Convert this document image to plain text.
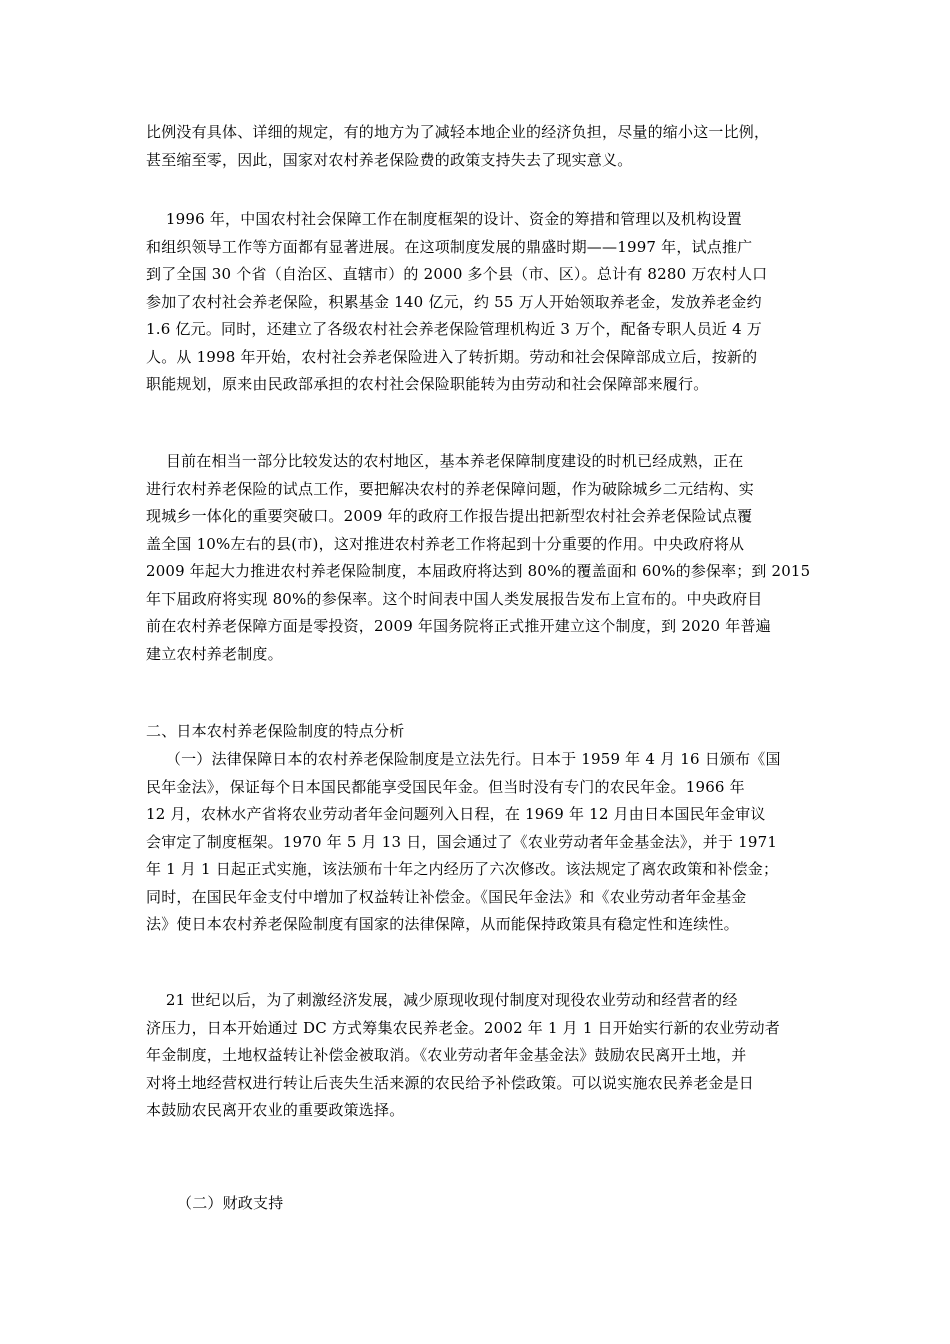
比例没有具体、详细的规定，有的地方为了减轻本地企业的经济负担，尽量的缩小这一比例，
甚至缩至零，因此，国家对农村养老保险费的政策支持失去了现实意义。
1996 年，中国农村社会保障工作在制度框架的设计、资金的筹措和管理以及机构设置
和组织领导工作等方面都有显著进展。在这项制度发展的鼎盛时期——1997 年，试点推广
到了全国 30 个省（自治区、直辖市）的 2000 多个县（市、区）。总计有 8280 万农村人口
参加了农村社会养老保险，积累基金 140 亿元，约 55 万人开始领取养老金，发放养老金约
1.6 亿元。同时，还建立了各级农村社会养老保险管理机构近 3 万个，配备专职人员近 4 万
人。从 1998 年开始，农村社会养老保险进入了转折期。劳动和社会保障部成立后，按新的
职能规划，原来由民政部承担的农村社会保险职能转为由劳动和社会保障部来履行。
目前在相当一部分比较发达的农村地区，基本养老保障制度建设的时机已经成熟，正在
进行农村养老保险的试点工作，要把解决农村的养老保障问题，作为破除城乡二元结构、实
现城乡一体化的重要突破口。2009 年的政府工作报告提出把新型农村社会养老保险试点覆
盖全国 10%左右的县(市)，这对推进农村养老工作将起到十分重要的作用。中央政府将从
2009 年起大力推进农村养老保险制度，本届政府将达到 80%的覆盖面和 60%的参保率；到 2015
年下届政府将实现 80%的参保率。这个时间表中国人类发展报告发布上宣布的。中央政府目
前在农村养老保障方面是零投资，2009 年国务院将正式推开建立这个制度，到 2020 年普遍
建立农村养老制度。
二、日本农村养老保险制度的特点分析
（一）法律保障日本的农村养老保险制度是立法先行。日本于 1959 年 4 月 16 日颁布《国
民年金法》，保证每个日本国民都能享受国民年金。但当时没有专门的农民年金。1966 年
12 月，农林水产省将农业劳动者年金问题列入日程，在 1969 年 12 月由日本国民年金审议
会审定了制度框架。1970 年 5 月 13 日，国会通过了《农业劳动者年金基金法》，并于 1971
年 1 月 1 日起正式实施，该法颁布十年之内经历了六次修改。该法规定了离农政策和补偿金；
同时，在国民年金支付中增加了权益转让补偿金。《国民年金法》和《农业劳动者年金基金
法》使日本农村养老保险制度有国家的法律保障，从而能保持政策具有稳定性和连续性。
21 世纪以后，为了刺激经济发展，减少原现收现付制度对现役农业劳动和经营者的经
济压力，日本开始通过 DC 方式筹集农民养老金。2002 年 1 月 1 日开始实行新的农业劳动者
年金制度，土地权益转让补偿金被取消。《农业劳动者年金基金法》鼓励农民离开土地，并
对将土地经营权进行转让后丧失生活来源的农民给予补偿政策。可以说实施农民养老金是日
本鼓励农民离开农业的重要政策选择。
（二）财政支持
